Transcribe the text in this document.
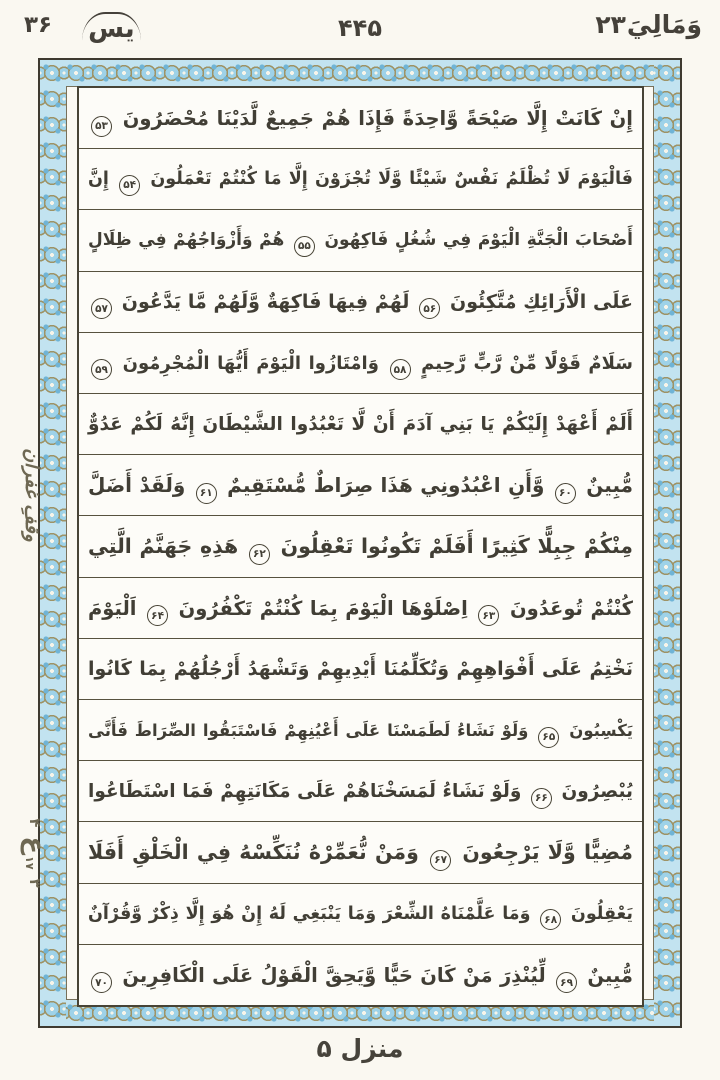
۳۶ يس	۴۴۵	وَمَالِيَ
۲۳
إِنْ كَانَتْ إِلَّا صَيْحَةً وَّاحِدَةً فَإِذَا هُمْ جَمِيعٌ لَّدَيْنَا مُحْضَرُونَ ۵۳
فَالْيَوْمَ لَا تُظْلَمُ نَفْسٌ شَيْئًا وَّلَا تُجْزَوْنَ إِلَّا مَا كُنْتُمْ تَعْمَلُونَ ۵۴ إِنَّ
أَصْحَابَ الْجَنَّةِ الْيَوْمَ فِي شُغُلٍ فَاكِهُونَ ۵۵ هُمْ وَأَزْوَاجُهُمْ فِي ظِلَالٍ
عَلَى الْأَرَائِكِ مُتَّكِئُونَ ۵۶ لَهُمْ فِيهَا فَاكِهَةٌ وَّلَهُمْ مَّا يَدَّعُونَ ۵۷
سَلَامٌ قَوْلًا مِّنْ رَّبٍّ رَّحِيمٍ ۵۸ وَامْتَازُوا الْيَوْمَ أَيُّهَا الْمُجْرِمُونَ ۵۹
أَلَمْ أَعْهَدْ إِلَيْكُمْ يَا بَنِي آدَمَ أَنْ لَّا تَعْبُدُوا الشَّيْطَانَ إِنَّهُ لَكُمْ عَدُوٌّ
مُّبِينٌ ۶۰ وَّأَنِ اعْبُدُونِي هَذَا صِرَاطٌ مُّسْتَقِيمٌ ۶۱ وَلَقَدْ أَضَلَّ
مِنْكُمْ جِبِلًّا كَثِيرًا أَفَلَمْ تَكُونُوا تَعْقِلُونَ ۶۲ هَذِهِ جَهَنَّمُ الَّتِي
كُنْتُمْ تُوعَدُونَ ۶۳ اِصْلَوْهَا الْيَوْمَ بِمَا كُنْتُمْ تَكْفُرُونَ ۶۴ اَلْيَوْمَ
نَخْتِمُ عَلَى أَفْوَاهِهِمْ وَتُكَلِّمُنَا أَيْدِيهِمْ وَتَشْهَدُ أَرْجُلُهُمْ بِمَا كَانُوا
يَكْسِبُونَ ۶۵ وَلَوْ نَشَاءُ لَطَمَسْنَا عَلَى أَعْيُنِهِمْ فَاسْتَبَقُوا الصِّرَاطَ فَأَنَّى
يُبْصِرُونَ ۶۶ وَلَوْ نَشَاءُ لَمَسَخْنَاهُمْ عَلَى مَكَانَتِهِمْ فَمَا اسْتَطَاعُوا
مُضِيًّا وَّلَا يَرْجِعُونَ ۶۷ وَمَنْ نُّعَمِّرْهُ نُنَكِّسْهُ فِي الْخَلْقِ أَفَلَا
يَعْقِلُونَ ۶۸ وَمَا عَلَّمْنَاهُ الشِّعْرَ وَمَا يَنْبَغِي لَهُ إِنْ هُوَ إِلَّا ذِكْرٌ وَّقُرْآنٌ
مُّبِينٌ ۶۹ لِّيُنْذِرَ مَنْ كَانَ حَيًّا وَّيَحِقَّ الْقَوْلُ عَلَى الْكَافِرِينَ ۷۰
وقفِ غفران
۴
ع
۱۷
۳
منزل ۵
